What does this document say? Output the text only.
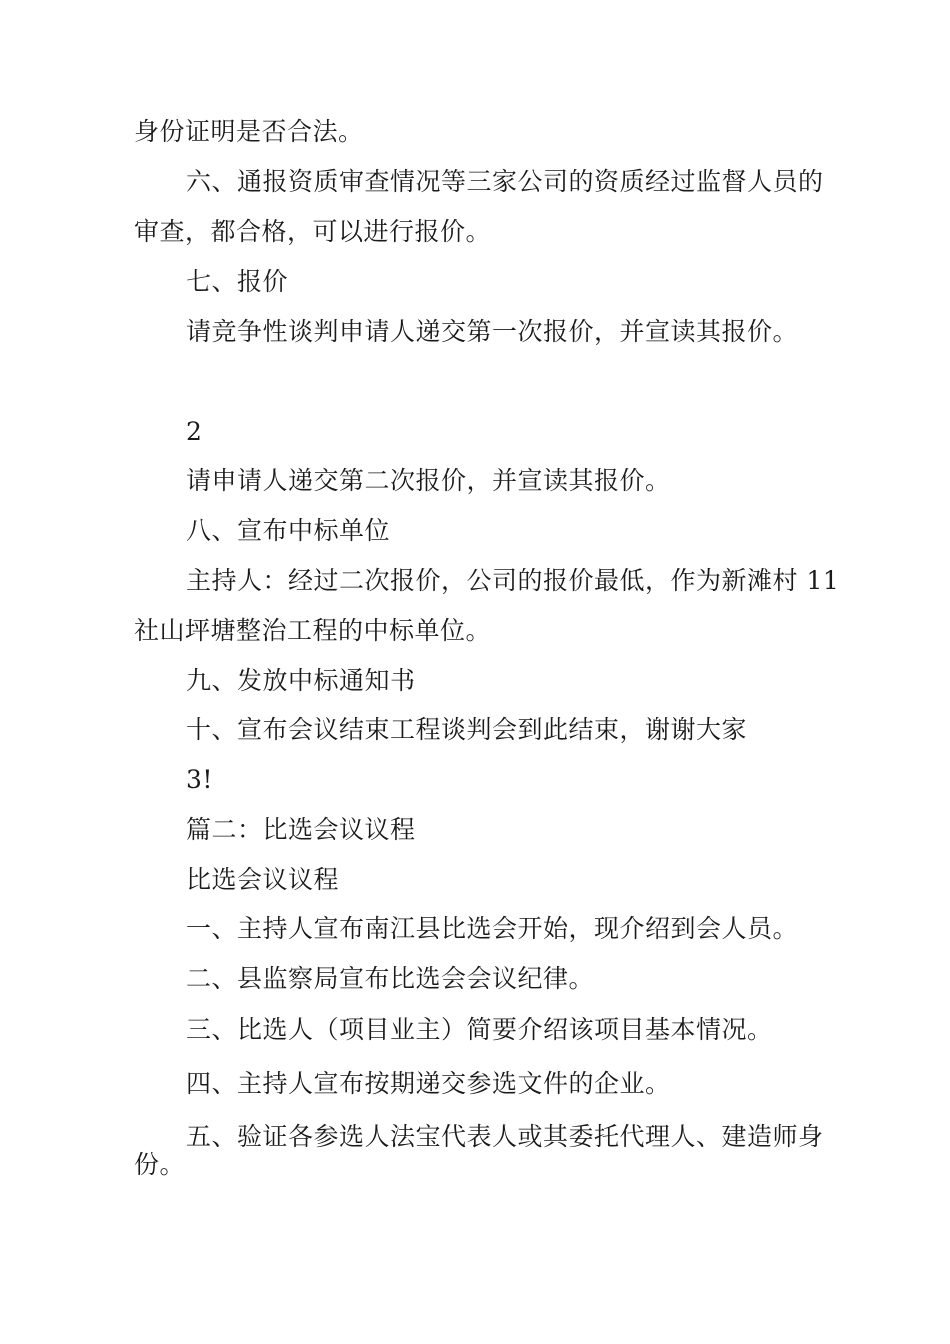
身份证明是否合法。
六、通报资质审查情况等三家公司的资质经过监督人员的
审查，都合格，可以进行报价。
七、报价
请竞争性谈判申请人递交第一次报价，并宣读其报价。
2
请申请人递交第二次报价，并宣读其报价。
八、宣布中标单位
主持人：经过二次报价，公司的报价最低，作为新滩村 11
社山坪塘整治工程的中标单位。
九、发放中标通知书
十、宣布会议结束工程谈判会到此结束，谢谢大家
3!
篇二：比选会议议程
比选会议议程
一、主持人宣布南江县比选会开始，现介绍到会人员。
二、县监察局宣布比选会会议纪律。
三、比选人（项目业主）简要介绍该项目基本情况。
四、主持人宣布按期递交参选文件的企业。
五、验证各参选人法宝代表人或其委托代理人、建造师身
份。
